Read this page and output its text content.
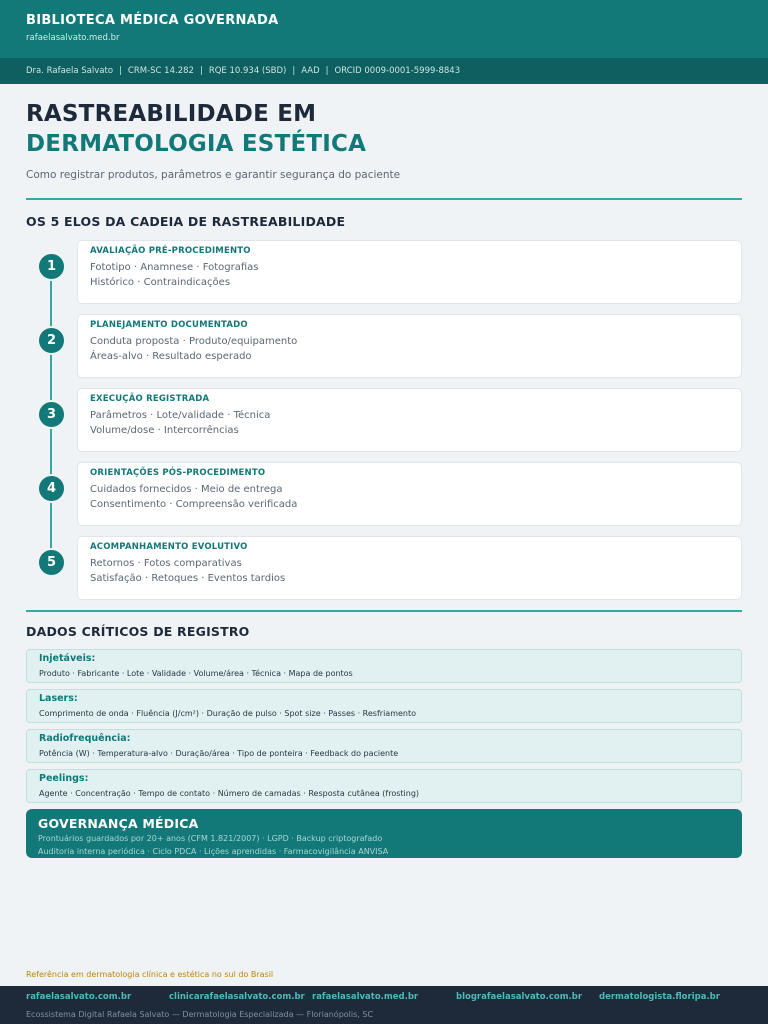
BIBLIOTECA MÉDICA GOVERNADA
rafaelasalvato.med.br
Dra. Rafaela Salvato | CRM-SC 14.282 | RQE 10.934 (SBD) | AAD | ORCID 0009-0001-5999-8843
RASTREABILIDADE EM
DERMATOLOGIA ESTÉTICA

Como registrar produtos, parâmetros e garantir segurança do paciente

OS 5 ELOS DA CADEIA DE RASTREABILIDADE
1
AVALIAÇÃO PRÉ-PROCEDIMENTO
Fototipo · Anamnese · Fotografias
Histórico · Contraindicações
2
PLANEJAMENTO DOCUMENTADO
Conduta proposta · Produto/equipamento
Áreas-alvo · Resultado esperado
3
EXECUÇÃO REGISTRADA
Parâmetros · Lote/validade · Técnica
Volume/dose · Intercorrências
4
ORIENTAÇÕES PÓS-PROCEDIMENTO
Cuidados fornecidos · Meio de entrega
Consentimento · Compreensão verificada
5
ACOMPANHAMENTO EVOLUTIVO
Retornos · Fotos comparativas
Satisfação · Retoques · Eventos tardios
DADOS CRÍTICOS DE REGISTRO
Injetáveis:
Produto · Fabricante · Lote · Validade · Volume/área · Técnica · Mapa de pontos
Lasers:
Comprimento de onda · Fluência (J/cm²) · Duração de pulso · Spot size · Passes · Resfriamento
Radiofrequência:
Potência (W) · Temperatura-alvo · Duração/área · Tipo de ponteira · Feedback do paciente
Peelings:
Agente · Concentração · Tempo de contato · Número de camadas · Resposta cutânea (frosting)
GOVERNANÇA MÉDICA
Prontuários guardados por 20+ anos (CFM 1.821/2007) · LGPD · Backup criptografado
Auditoria interna periódica · Ciclo PDCA · Lições aprendidas · Farmacovigilância ANVISA
Referência em dermatologia clínica e estética no sul do Brasil
rafaelasalvato.com.br	clinicarafaelasalvato.com.br rafaelasalvato.med.br	blografaelasalvato.com.br dermatologista.floripa.br
Ecossistema Digital Rafaela Salvato — Dermatologia Especializada — Florianópolis, SC
